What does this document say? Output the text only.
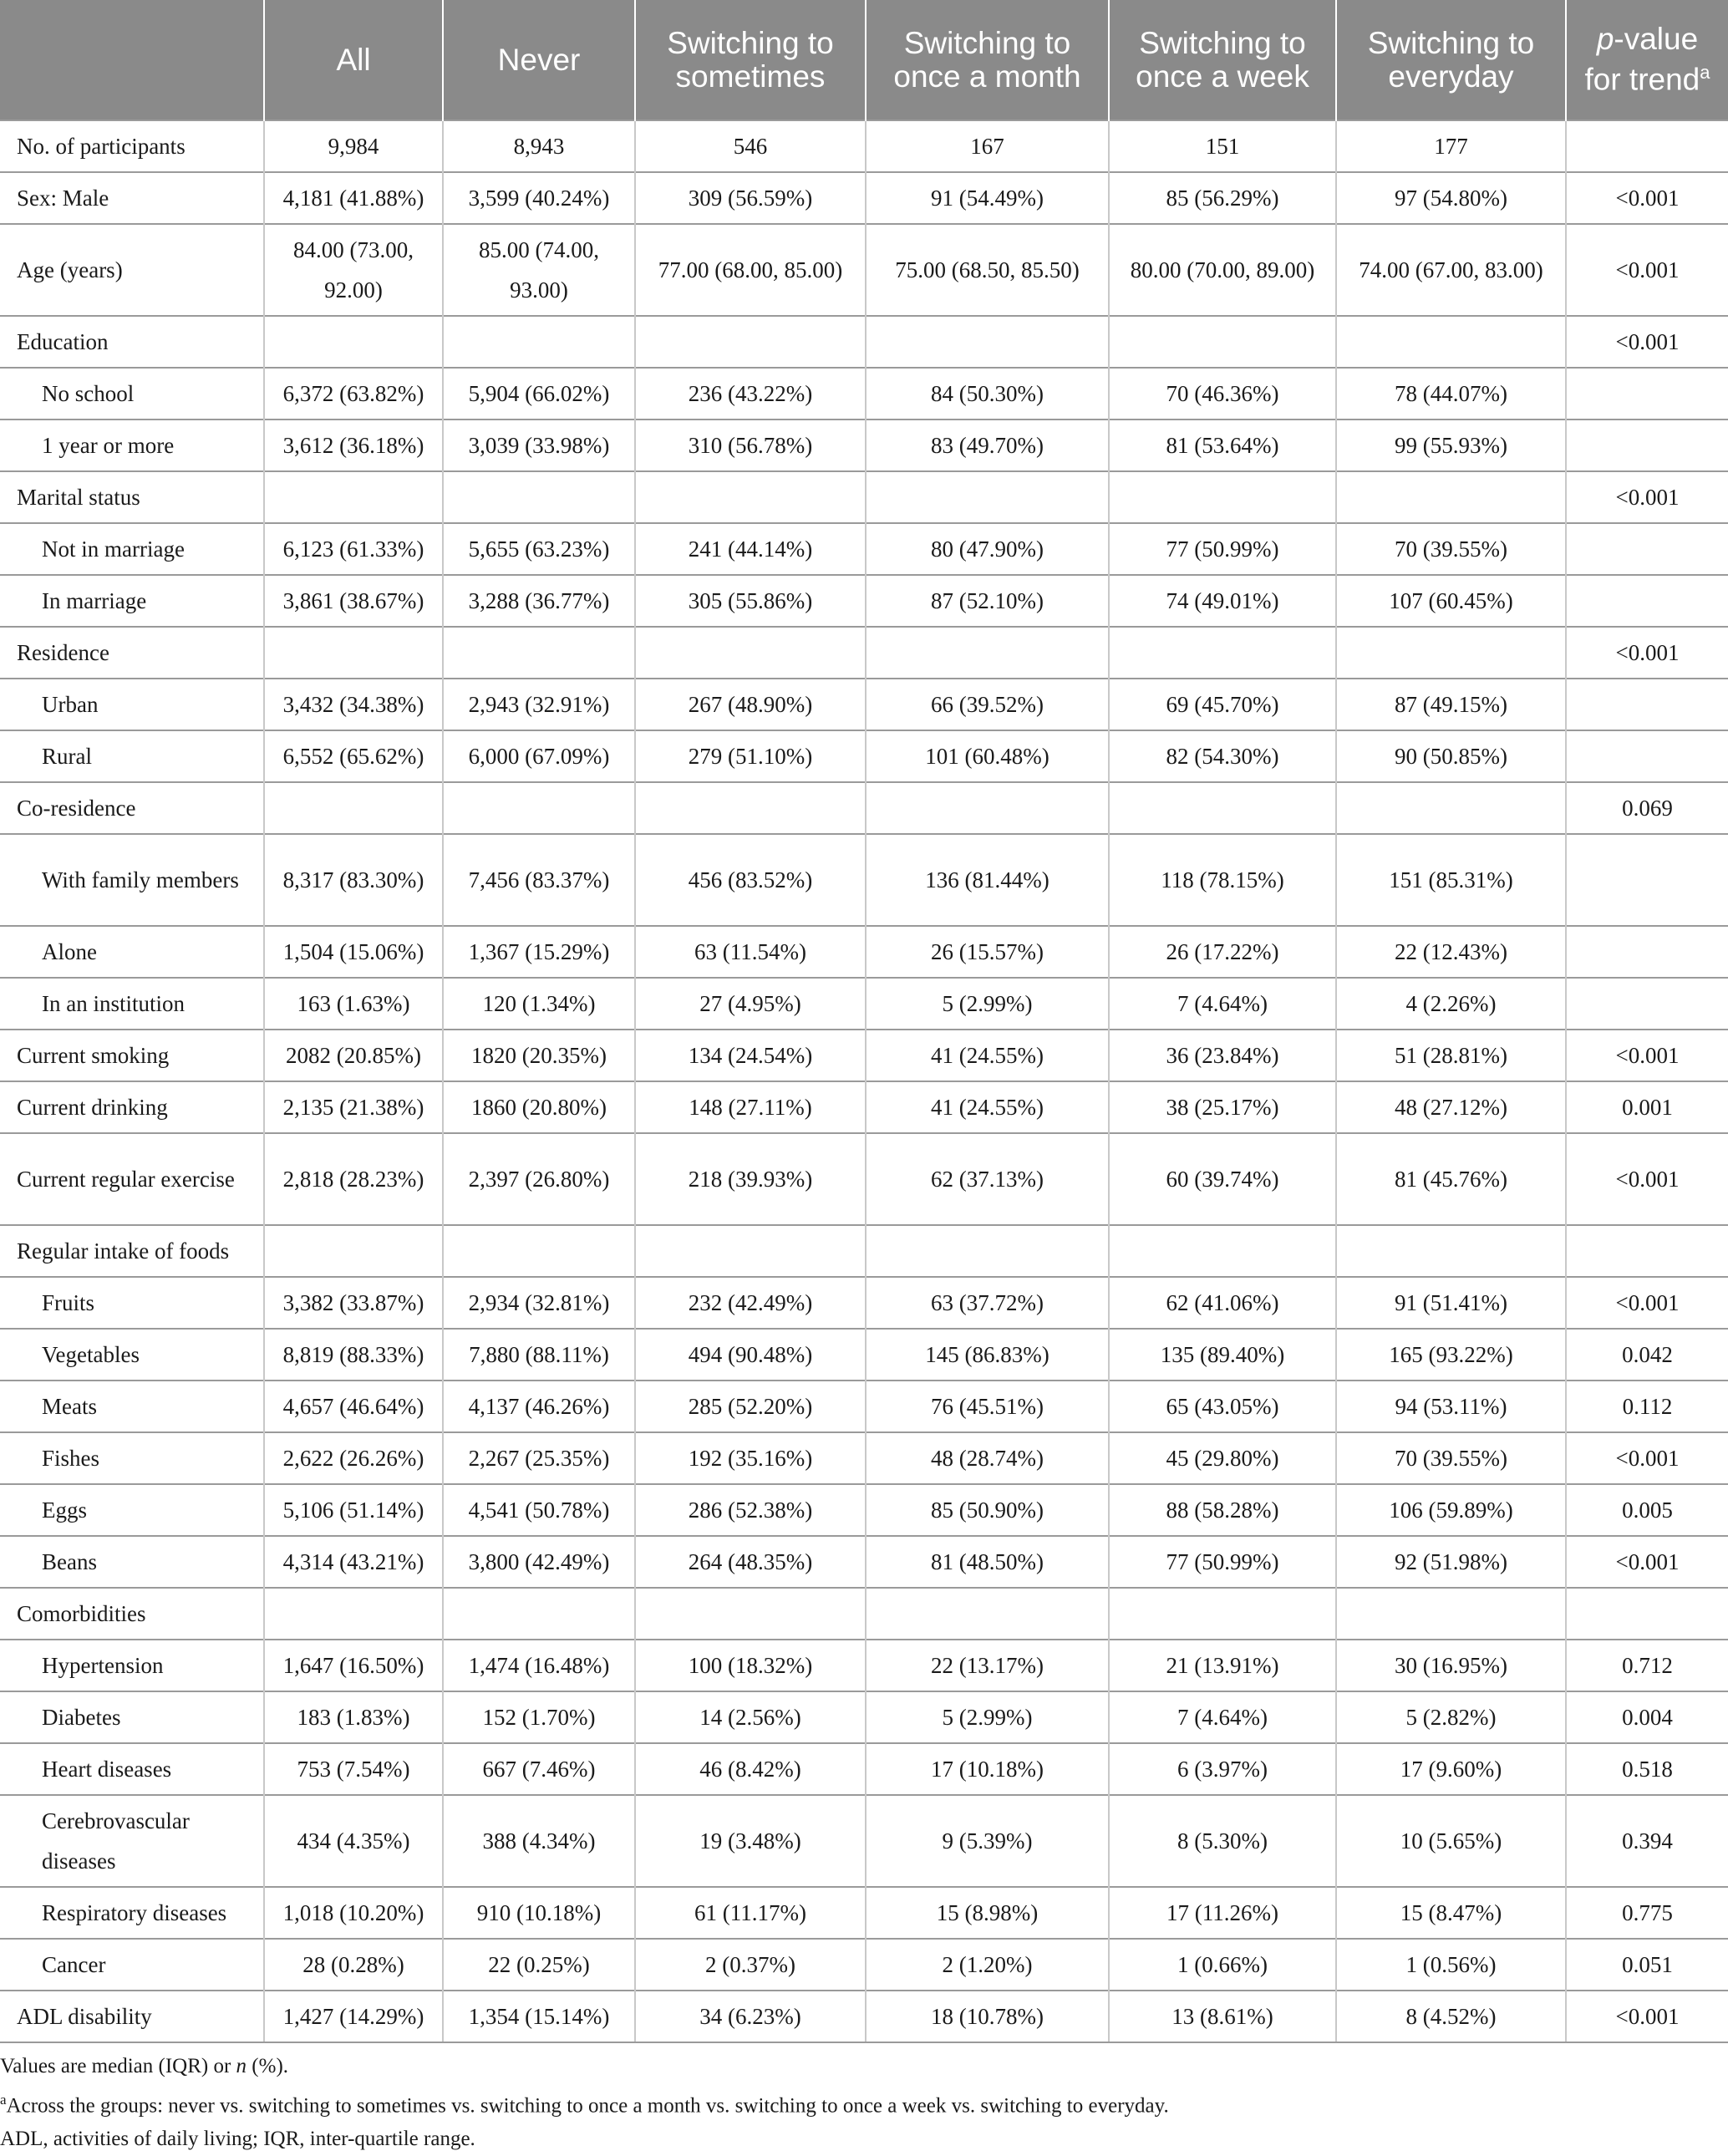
	All	Never	Switching to sometimes	Switching to once a month	Switching to once a week	Switching to everyday	p-value for trend$^a$
No. of participants	9,984	8,943	546	167	151	177	
Sex: Male	4,181 (41.88%)	3,599 (40.24%)	309 (56.59%)	91 (54.49%)	85 (56.29%)	97 (54.80%)	<0.001
Age (years)	84.00 (73.00, 92.00)	85.00 (74.00, 93.00)	77.00 (68.00, 85.00)	75.00 (68.50, 85.50)	80.00 (70.00, 89.00)	74.00 (67.00, 83.00)	<0.001
Education							<0.001
No school	6,372 (63.82%)	5,904 (66.02%)	236 (43.22%)	84 (50.30%)	70 (46.36%)	78 (44.07%)	
1 year or more	3,612 (36.18%)	3,039 (33.98%)	310 (56.78%)	83 (49.70%)	81 (53.64%)	99 (55.93%)	
Marital status							<0.001
Not in marriage	6,123 (61.33%)	5,655 (63.23%)	241 (44.14%)	80 (47.90%)	77 (50.99%)	70 (39.55%)	
In marriage	3,861 (38.67%)	3,288 (36.77%)	305 (55.86%)	87 (52.10%)	74 (49.01%)	107 (60.45%)	
Residence							<0.001
Urban	3,432 (34.38%)	2,943 (32.91%)	267 (48.90%)	66 (39.52%)	69 (45.70%)	87 (49.15%)	
Rural	6,552 (65.62%)	6,000 (67.09%)	279 (51.10%)	101 (60.48%)	82 (54.30%)	90 (50.85%)	
Co-residence							0.069
With family members	8,317 (83.30%)	7,456 (83.37%)	456 (83.52%)	136 (81.44%)	118 (78.15%)	151 (85.31%)	
Alone	1,504 (15.06%)	1,367 (15.29%)	63 (11.54%)	26 (15.57%)	26 (17.22%)	22 (12.43%)	
In an institution	163 (1.63%)	120 (1.34%)	27 (4.95%)	5 (2.99%)	7 (4.64%)	4 (2.26%)	
Current smoking	2082 (20.85%)	1820 (20.35%)	134 (24.54%)	41 (24.55%)	36 (23.84%)	51 (28.81%)	<0.001
Current drinking	2,135 (21.38%)	1860 (20.80%)	148 (27.11%)	41 (24.55%)	38 (25.17%)	48 (27.12%)	0.001
Current regular exercise	2,818 (28.23%)	2,397 (26.80%)	218 (39.93%)	62 (37.13%)	60 (39.74%)	81 (45.76%)	<0.001
Regular intake of foods							
Fruits	3,382 (33.87%)	2,934 (32.81%)	232 (42.49%)	63 (37.72%)	62 (41.06%)	91 (51.41%)	<0.001
Vegetables	8,819 (88.33%)	7,880 (88.11%)	494 (90.48%)	145 (86.83%)	135 (89.40%)	165 (93.22%)	0.042
Meats	4,657 (46.64%)	4,137 (46.26%)	285 (52.20%)	76 (45.51%)	65 (43.05%)	94 (53.11%)	0.112
Fishes	2,622 (26.26%)	2,267 (25.35%)	192 (35.16%)	48 (28.74%)	45 (29.80%)	70 (39.55%)	<0.001
Eggs	5,106 (51.14%)	4,541 (50.78%)	286 (52.38%)	85 (50.90%)	88 (58.28%)	106 (59.89%)	0.005
Beans	4,314 (43.21%)	3,800 (42.49%)	264 (48.35%)	81 (48.50%)	77 (50.99%)	92 (51.98%)	<0.001
Comorbidities							
Hypertension	1,647 (16.50%)	1,474 (16.48%)	100 (18.32%)	22 (13.17%)	21 (13.91%)	30 (16.95%)	0.712
Diabetes	183 (1.83%)	152 (1.70%)	14 (2.56%)	5 (2.99%)	7 (4.64%)	5 (2.82%)	0.004
Heart diseases	753 (7.54%)	667 (7.46%)	46 (8.42%)	17 (10.18%)	6 (3.97%)	17 (9.60%)	0.518
Cerebrovascular diseases	434 (4.35%)	388 (4.34%)	19 (3.48%)	9 (5.39%)	8 (5.30%)	10 (5.65%)	0.394
Respiratory diseases	1,018 (10.20%)	910 (10.18%)	61 (11.17%)	15 (8.98%)	17 (11.26%)	15 (8.47%)	0.775
Cancer	28 (0.28%)	22 (0.25%)	2 (0.37%)	2 (1.20%)	1 (0.66%)	1 (0.56%)	0.051
ADL disability	1,427 (14.29%)	1,354 (15.14%)	34 (6.23%)	18 (10.78%)	13 (8.61%)	8 (4.52%)	<0.001

Values are median (IQR) or n (%).

$^a$Across the groups: never vs. switching to sometimes vs. switching to once a month vs. switching to once a week vs. switching to everyday.

ADL, activities of daily living; IQR, inter-quartile range.
